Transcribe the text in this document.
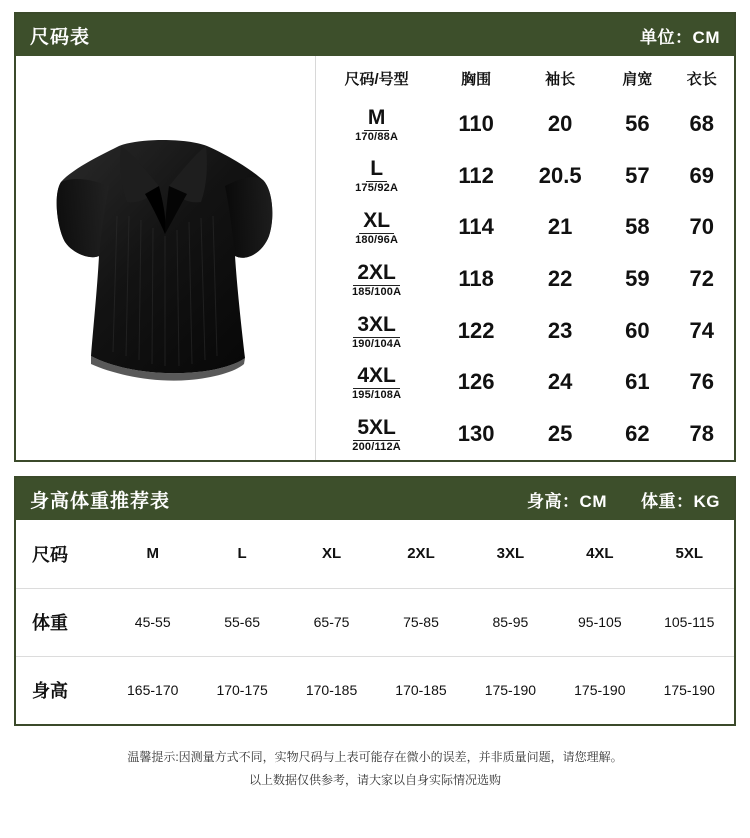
尺码表	单位：CM
尺码/号型	胸围	袖长	肩宽	衣长
M
170/88A	110	20	56	68
L
175/92A	112	20.5	57	69
XL
180/96A	114	21	58	70
2XL
185/100A	118	22	59	72
3XL
190/104A	122	23	60	74
4XL
195/108A	126	24	61	76
5XL
200/112A	130	25	62	78
身高体重推荐表	身高：CM 体重：KG
尺码	M	L	XL	2XL	3XL	4XL	5XL
体重	45-55	55-65	65-75	75-85	85-95	95-105	105-115
身高	165-170	170-175	170-185	170-185	175-190	175-190	175-190
温馨提示:因测量方式不同，实物尺码与上表可能存在微小的误差，并非质量问题，请您理解。
以上数据仅供参考，请大家以自身实际情况选购
